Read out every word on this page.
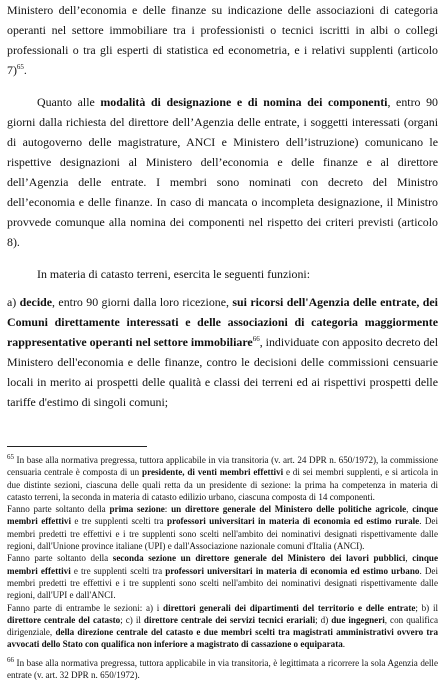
Ministero dell’economia e delle finanze su indicazione delle associazioni di categoria operanti nel settore immobiliare tra i professionisti o tecnici iscritti in albi o collegi professionali o tra gli esperti di statistica ed econometria, e i relativi supplenti (articolo 7)$^{65}$.

Quanto alle modalità di designazione e di nomina dei componenti, entro 90 giorni dalla richiesta del direttore dell’Agenzia delle entrate, i soggetti interessati (organi di autogoverno delle magistrature, ANCI e Ministero dell’istruzione) comunicano le rispettive designazioni al Ministero dell’economia e delle finanze e al direttore dell’Agenzia delle entrate. I membri sono nominati con decreto del Ministro dell’economia e delle finanze. In caso di mancata o incompleta designazione, il Ministro provvede comunque alla nomina dei componenti nel rispetto dei criteri previsti (articolo 8).

In materia di catasto terreni, esercita le seguenti funzioni:

a) decide, entro 90 giorni dalla loro ricezione, sui ricorsi dell'Agenzia delle entrate, dei Comuni direttamente interessati e delle associazioni di categoria maggiormente rappresentative operanti nel settore immobiliare$^{66}$, individuate con apposito decreto del Ministero dell'economia e delle finanze, contro le decisioni delle commissioni censuarie locali in merito ai prospetti delle qualità e classi dei terreni ed ai rispettivi prospetti delle tariffe d'estimo di singoli comuni;

$^{65}$ In base alla normativa pregressa, tuttora applicabile in via transitoria (v. art. 24 DPR n. 650/1972), la commissione censuaria centrale è composta di un presidente, di venti membri effettivi e di sei membri supplenti, e si articola in due distinte sezioni, ciascuna delle quali retta da un presidente di sezione: la prima ha competenza in materia di catasto terreni, la seconda in materia di catasto edilizio urbano, ciascuna composta di 14 componenti.

Fanno parte soltanto della prima sezione: un direttore generale del Ministero delle politiche agricole, cinque membri effettivi e tre supplenti scelti tra professori universitari in materia di economia ed estimo rurale. Dei membri predetti tre effettivi e i tre supplenti sono scelti nell'ambito dei nominativi designati rispettivamente dalle regioni, dall'Unione province italiane (UPI) e dall'Associazione nazionale comuni d'Italia (ANCI).

Fanno parte soltanto della seconda sezione un direttore generale del Ministero dei lavori pubblici, cinque membri effettivi e tre supplenti scelti tra professori universitari in materia di economia ed estimo urbano. Dei membri predetti tre effettivi e i tre supplenti sono scelti nell'ambito dei nominativi designati rispettivamente dalle regioni, dall'UPI e dall'ANCI.

Fanno parte di entrambe le sezioni: a) i direttori generali dei dipartimenti del territorio e delle entrate; b) il direttore centrale del catasto; c) il direttore centrale dei servizi tecnici erariali; d) due ingegneri, con qualifica dirigenziale, della direzione centrale del catasto e due membri scelti tra magistrati amministrativi ovvero tra avvocati dello Stato con qualifica non inferiore a magistrato di cassazione o equiparata.

$^{66}$ In base alla normativa pregressa, tuttora applicabile in via transitoria, è legittimata a ricorrere la sola Agenzia delle entrate (v. art. 32 DPR n. 650/1972).
